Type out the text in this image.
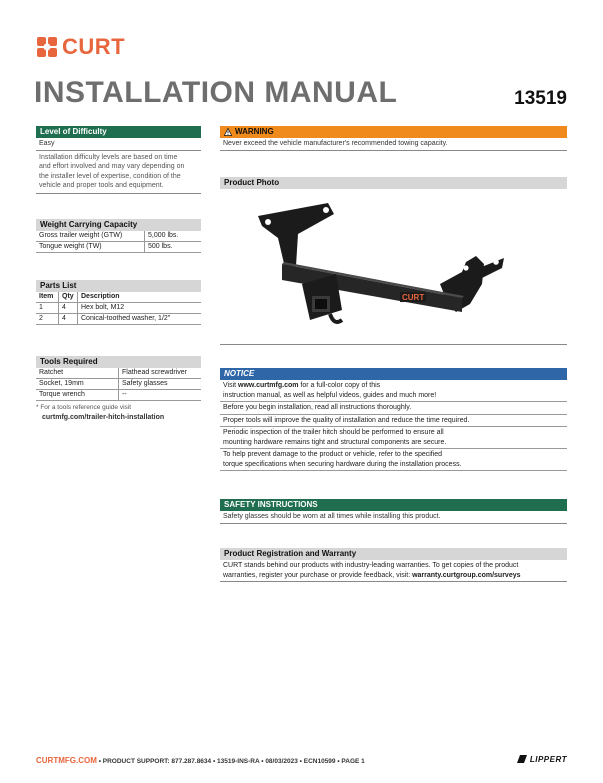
CURT
INSTALLATION MANUAL	13519
Level of Difficulty
Easy
Installation difficulty levels are based on time
and effort involved and may vary depending on
the installer level of expertise, condition of the
vehicle and proper tools and equipment.
Weight Carrying Capacity
Gross trailer weight (GTW)	5,000 lbs.
Tongue weight (TW)	500 lbs.
Parts List
Item	Qty	Description
1	4	Hex bolt, M12
2	4	Conical-toothed washer, 1/2"
Tools Required
Ratchet	Flathead screwdriver
Socket, 19mm	Safety glasses
Torque wrench	--
* For a tools reference guide visit
curtmfg.com/trailer-hitch-installation
WARNING
Never exceed the vehicle manufacturer's recommended towing capacity.
Product Photo
CURT
NOTICE
Visit www.curtmfg.com for a full-color copy of this
instruction manual, as well as helpful videos, guides and much more!
Before you begin installation, read all instructions thoroughly.
Proper tools will improve the quality of installation and reduce the time required.
Periodic inspection of the trailer hitch should be performed to ensure all
mounting hardware remains tight and structural components are secure.
To help prevent damage to the product or vehicle, refer to the specified
torque specifications when securing hardware during the installation process.
SAFETY INSTRUCTIONS
Safety glasses should be worn at all times while installing this product.
Product Registration and Warranty
CURT stands behind our products with industry-leading warranties. To get copies of the product
warranties, register your purchase or provide feedback, visit: warranty.curtgroup.com/surveys
CURTMFG.COM • PRODUCT SUPPORT: 877.287.8634 • 13519-INS-RA • 08/03/2023 • ECN10599 • PAGE 1	LIPPERT
